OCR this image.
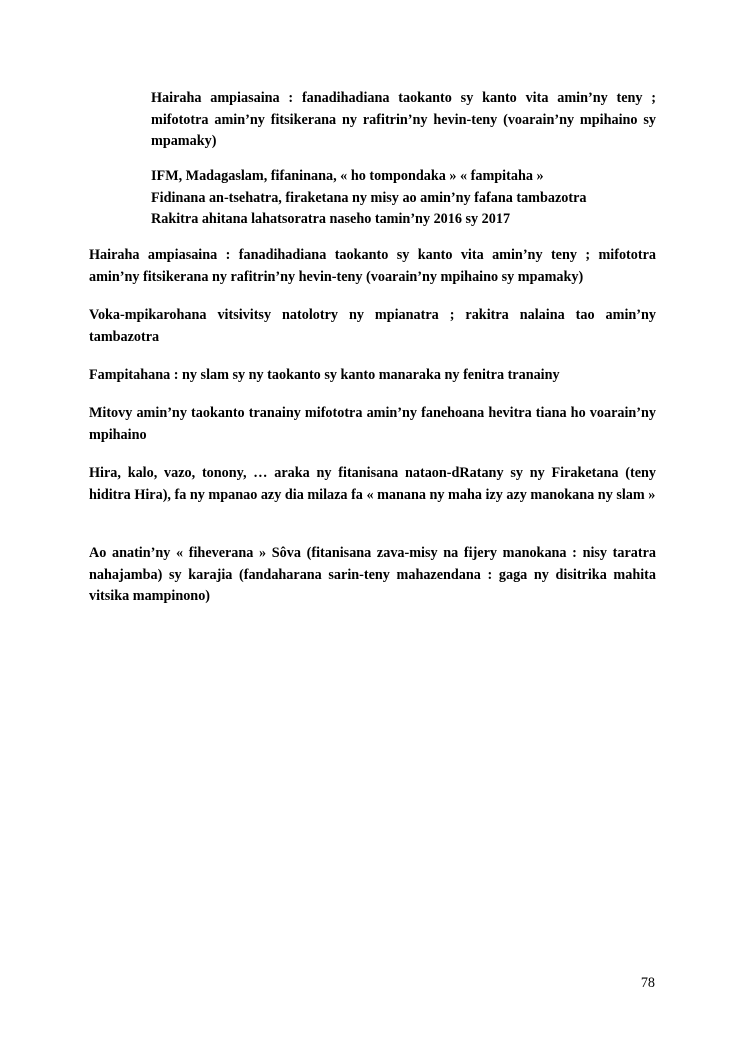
Hairaha ampiasaina : fanadihadiana taokanto sy kanto vita amin’ny teny ; mifototra amin’ny fitsikerana ny rafitrin’ny hevin-teny (voarain’ny mpihaino sy mpamaky)
IFM, Madagaslam, fifaninana, « ho tompondaka » « fampitaha »
Fidinana an-tsehatra, firaketana ny misy ao amin’ny fafana tambazotra
Rakitra ahitana lahatsoratra naseho tamin’ny 2016 sy 2017
Hairaha ampiasaina : fanadihadiana taokanto sy kanto vita amin’ny teny ; mifototra amin’ny fitsikerana ny rafitrin’ny hevin-teny (voarain’ny mpihaino sy mpamaky)
Voka-mpikarohana vitsivitsy natolotry ny mpianatra ; rakitra nalaina tao amin’ny tambazotra
Fampitahana : ny slam sy ny taokanto sy kanto manaraka ny fenitra tranainy
Mitovy amin’ny taokanto tranainy mifototra amin’ny fanehoana hevitra tiana ho voarain’ny mpihaino
Hira, kalo, vazo, tonony, … araka ny fitanisana nataon-dRatany sy ny Firaketana (teny hiditra Hira), fa ny mpanao azy dia milaza fa « manana ny maha izy azy manokana ny slam »
Ao anatin’ny « fiheverana » Sôva (fitanisana zava-misy na fijery manokana : nisy taratra nahajamba) sy karajia (fandaharana sarin-teny mahazendana : gaga ny disitrika mahita vitsika mampinono)
78
